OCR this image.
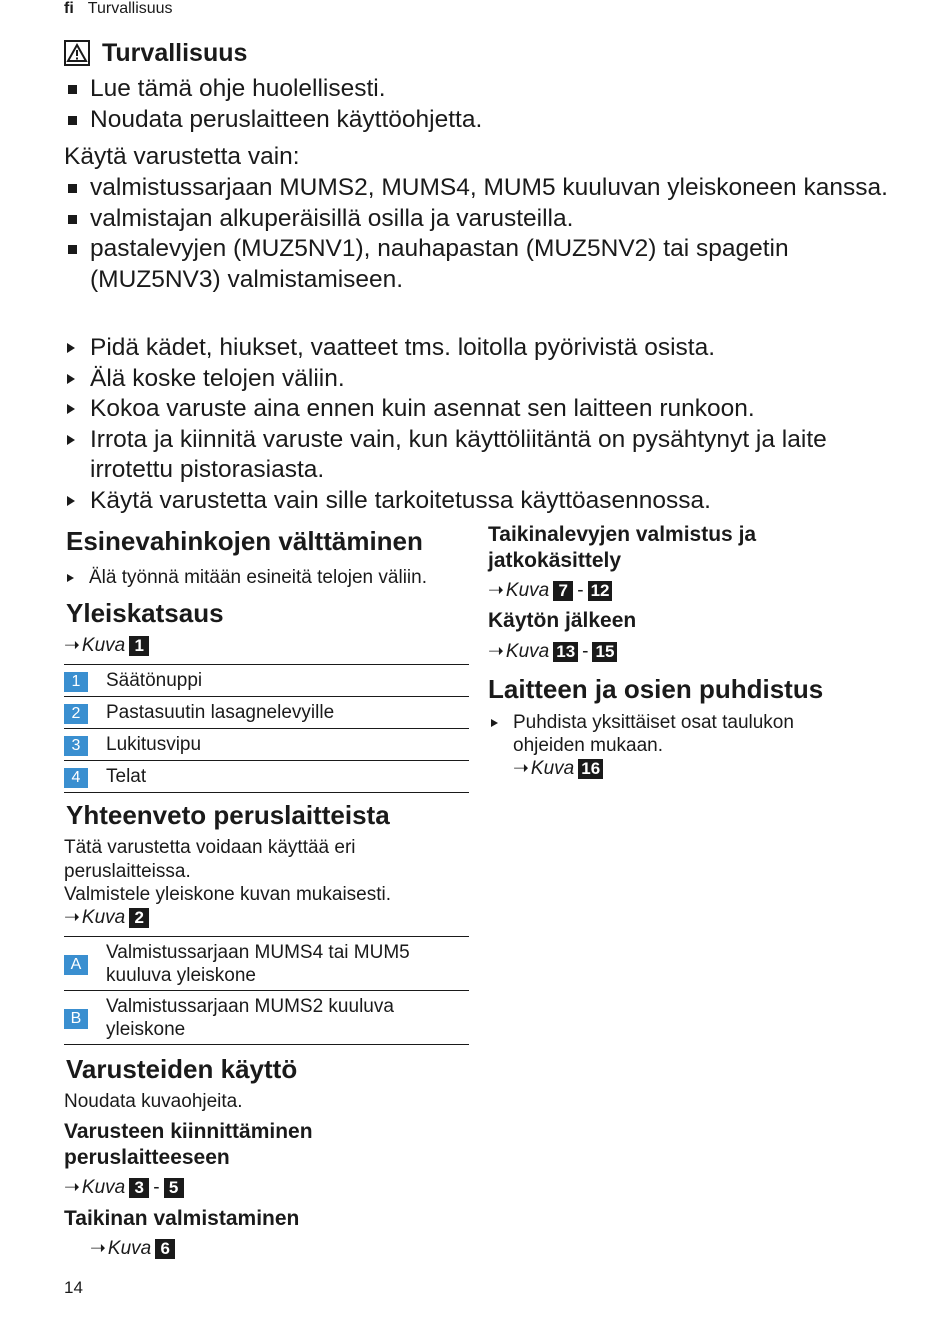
fi Turvallisuus
Turvallisuus
Lue tämä ohje huolellisesti.
Noudata peruslaitteen käyttöohjetta.
Käytä varustetta vain:
valmistussarjaan MUMS2, MUMS4, MUM5 kuuluvan yleiskoneen kanssa.
valmistajan alkuperäisillä osilla ja varusteilla.
pastalevyjen (MUZ5NV1), nauhapastan (MUZ5NV2) tai spagetin (MUZ5NV3) valmistamiseen.
Pidä kädet, hiukset, vaatteet tms. loitolla pyörivistä osista.
Älä koske telojen väliin.
Kokoa varuste aina ennen kuin asennat sen laitteen runkoon.
Irrota ja kiinnitä varuste vain, kun käyttöliitäntä on pysähtynyt ja laite irrotettu pistorasiasta.
Käytä varustetta vain sille tarkoitetussa käyttöasennossa.
Esinevahinkojen välttäminen
Älä työnnä mitään esineitä telojen väliin.
Yleiskatsaus
➝ Kuva 1
1	Säätönuppi
2	Pastasuutin lasagnelevyille
3	Lukitusvipu
4	Telat
Yhteenveto peruslaitteista
Tätä varustetta voidaan käyttää eri peruslaitteissa.
Valmistele yleiskone kuvan mukaisesti.
➝ Kuva 2
A	Valmistussarjaan MUMS4 tai MUM5 kuuluva yleiskone
B	Valmistussarjaan MUMS2 kuuluva yleiskone
Varusteiden käyttö
Noudata kuvaohjeita.
Varusteen kiinnittäminen peruslaitteeseen
➝ Kuva 3 - 5
Taikinan valmistaminen
➝ Kuva 6
Taikinalevyjen valmistus ja jatkokäsittely
➝ Kuva 7 - 12
Käytön jälkeen
➝ Kuva 13 - 15
Laitteen ja osien puhdistus
Puhdista yksittäiset osat taulukon ohjeiden mukaan.
➝ Kuva 16
14
